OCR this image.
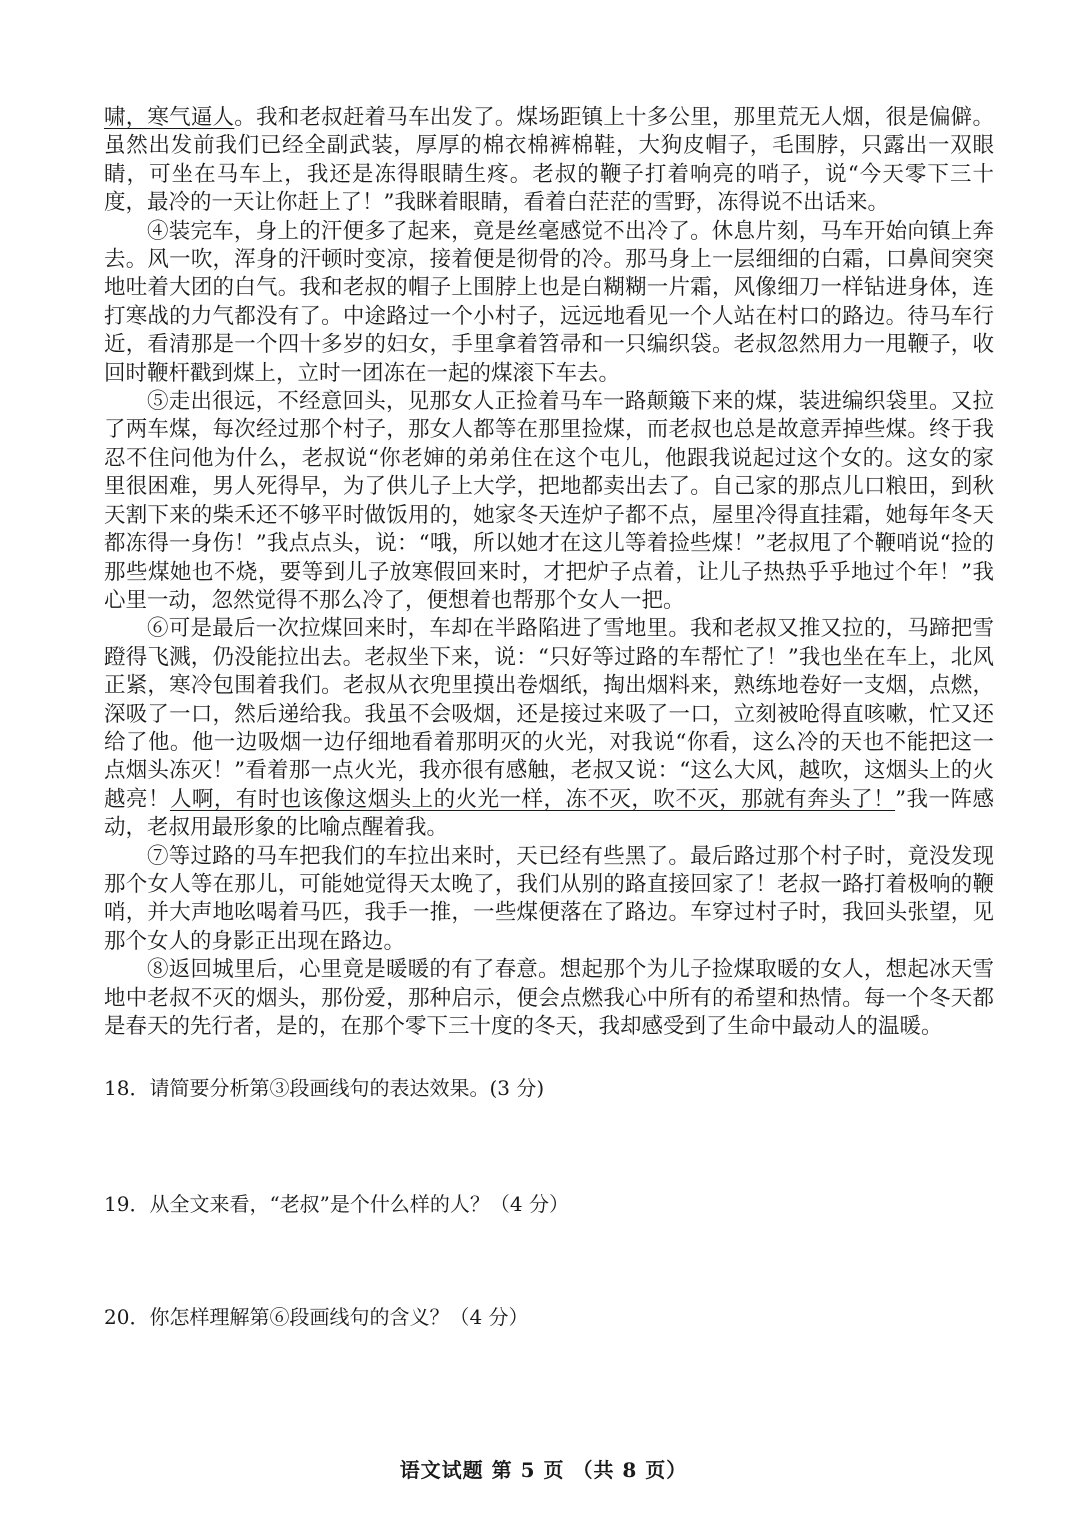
啸，寒气逼人。我和老叔赶着马车出发了。煤场距镇上十多公里，那里荒无人烟，很是偏僻。虽然出发前我们已经全副武装，厚厚的棉衣棉裤棉鞋，大狗皮帽子，毛围脖，只露出一双眼睛，可坐在马车上，我还是冻得眼睛生疼。老叔的鞭子打着响亮的哨子，说“今天零下三十度，最冷的一天让你赶上了！”我眯着眼睛，看着白茫茫的雪野，冻得说不出话来。

④装完车，身上的汗便多了起来，竟是丝毫感觉不出冷了。休息片刻，马车开始向镇上奔去。风一吹，浑身的汗顿时变凉，接着便是彻骨的冷。那马身上一层细细的白霜，口鼻间突突地吐着大团的白气。我和老叔的帽子上围脖上也是白糊糊一片霜，风像细刀一样钻进身体，连打寒战的力气都没有了。中途路过一个小村子，远远地看见一个人站在村口的路边。待马车行近，看清那是一个四十多岁的妇女，手里拿着笤帚和一只编织袋。老叔忽然用力一甩鞭子，收回时鞭杆戳到煤上，立时一团冻在一起的煤滚下车去。

⑤走出很远，不经意回头，见那女人正捡着马车一路颠簸下来的煤，装进编织袋里。又拉了两车煤，每次经过那个村子，那女人都等在那里捡煤，而老叔也总是故意弄掉些煤。终于我忍不住问他为什么，老叔说“你老婶的弟弟住在这个屯儿，他跟我说起过这个女的。这女的家里很困难，男人死得早，为了供儿子上大学，把地都卖出去了。自己家的那点儿口粮田，到秋天割下来的柴禾还不够平时做饭用的，她家冬天连炉子都不点，屋里冷得直挂霜，她每年冬天都冻得一身伤！”我点点头，说：“哦，所以她才在这儿等着捡些煤！”老叔甩了个鞭哨说“捡的那些煤她也不烧，要等到儿子放寒假回来时，才把炉子点着，让儿子热热乎乎地过个年！”我心里一动，忽然觉得不那么冷了，便想着也帮那个女人一把。

⑥可是最后一次拉煤回来时，车却在半路陷进了雪地里。我和老叔又推又拉的，马蹄把雪蹬得飞溅，仍没能拉出去。老叔坐下来，说：“只好等过路的车帮忙了！”我也坐在车上，北风正紧，寒冷包围着我们。老叔从衣兜里摸出卷烟纸，掏出烟料来，熟练地卷好一支烟，点燃，深吸了一口，然后递给我。我虽不会吸烟，还是接过来吸了一口，立刻被呛得直咳嗽，忙又还给了他。他一边吸烟一边仔细地看着那明灭的火光，对我说“你看，这么冷的天也不能把这一点烟头冻灭！”看着那一点火光，我亦很有感触，老叔又说：“这么大风，越吹，这烟头上的火越亮！人啊，有时也该像这烟头上的火光一样，冻不灭，吹不灭，那就有奔头了！”我一阵感动，老叔用最形象的比喻点醒着我。

⑦等过路的马车把我们的车拉出来时，天已经有些黑了。最后路过那个村子时，竟没发现那个女人等在那儿，可能她觉得天太晚了，我们从别的路直接回家了！老叔一路打着极响的鞭哨，并大声地吆喝着马匹，我手一推，一些煤便落在了路边。车穿过村子时，我回头张望，见那个女人的身影正出现在路边。

⑧返回城里后，心里竟是暖暖的有了春意。想起那个为儿子捡煤取暖的女人，想起冰天雪地中老叔不灭的烟头，那份爱，那种启示，便会点燃我心中所有的希望和热情。每一个冬天都是春天的先行者，是的，在那个零下三十度的冬天，我却感受到了生命中最动人的温暖。

18．请简要分析第③段画线句的表达效果。(3 分)

19．从全文来看，“老叔”是个什么样的人？（4 分）

20．你怎样理解第⑥段画线句的含义？（4 分）

语文试题 第 5 页 （共 8 页）
